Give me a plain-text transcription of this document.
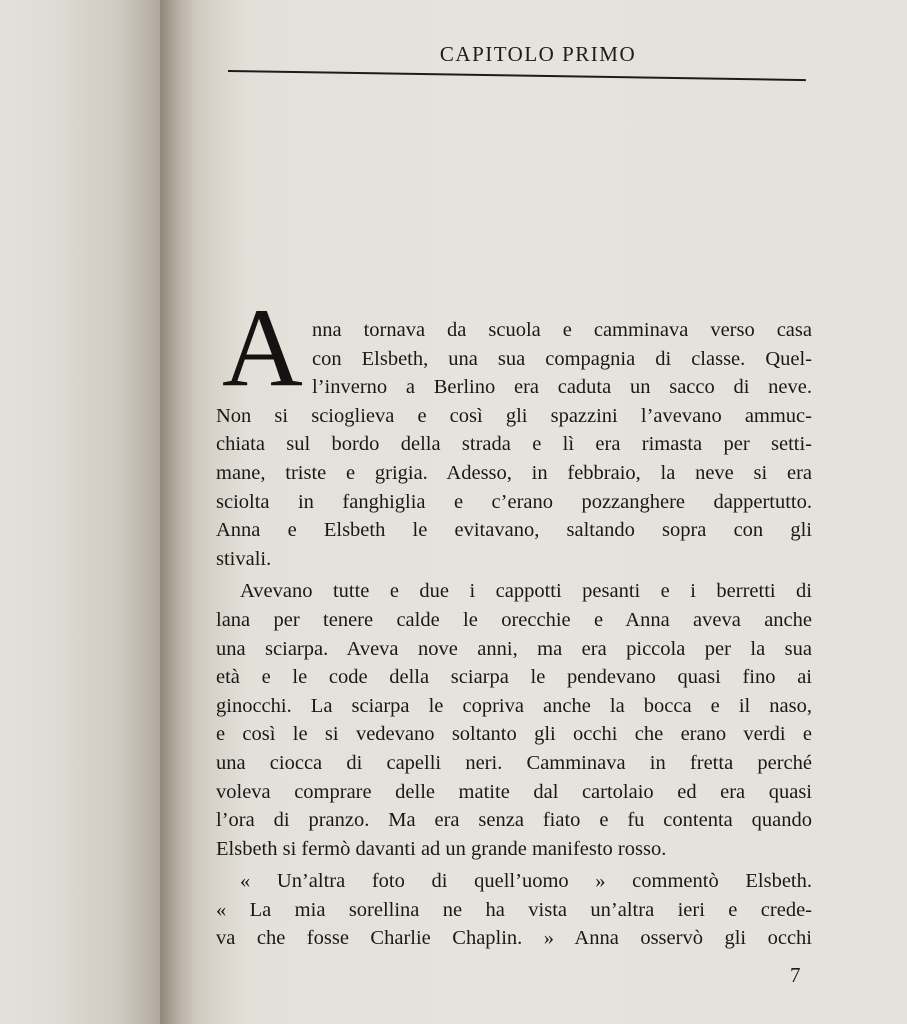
CAPITOLO PRIMO
A nna tornava da scuola e camminava verso casa
con Elsbeth, una sua compagnia di classe. Quel-
l’inverno a Berlino era caduta un sacco di neve.
Non si scioglieva e così gli spazzini l’avevano ammuc-
chiata sul bordo della strada e lì era rimasta per setti-
mane, triste e grigia. Adesso, in febbraio, la neve si era
sciolta in fanghiglia e c’erano pozzanghere dappertutto.
Anna e Elsbeth le evitavano, saltando sopra con gli
stivali.
Avevano tutte e due i cappotti pesanti e i berretti di
lana per tenere calde le orecchie e Anna aveva anche
una sciarpa. Aveva nove anni, ma era piccola per la sua
età e le code della sciarpa le pendevano quasi fino ai
ginocchi. La sciarpa le copriva anche la bocca e il naso,
e così le si vedevano soltanto gli occhi che erano verdi e
una ciocca di capelli neri. Camminava in fretta perché
voleva comprare delle matite dal cartolaio ed era quasi
l’ora di pranzo. Ma era senza fiato e fu contenta quando
Elsbeth si fermò davanti ad un grande manifesto rosso.
« Un’altra foto di quell’uomo » commentò Elsbeth.
« La mia sorellina ne ha vista un’altra ieri e crede-
va che fosse Charlie Chaplin. » Anna osservò gli occhi
7
